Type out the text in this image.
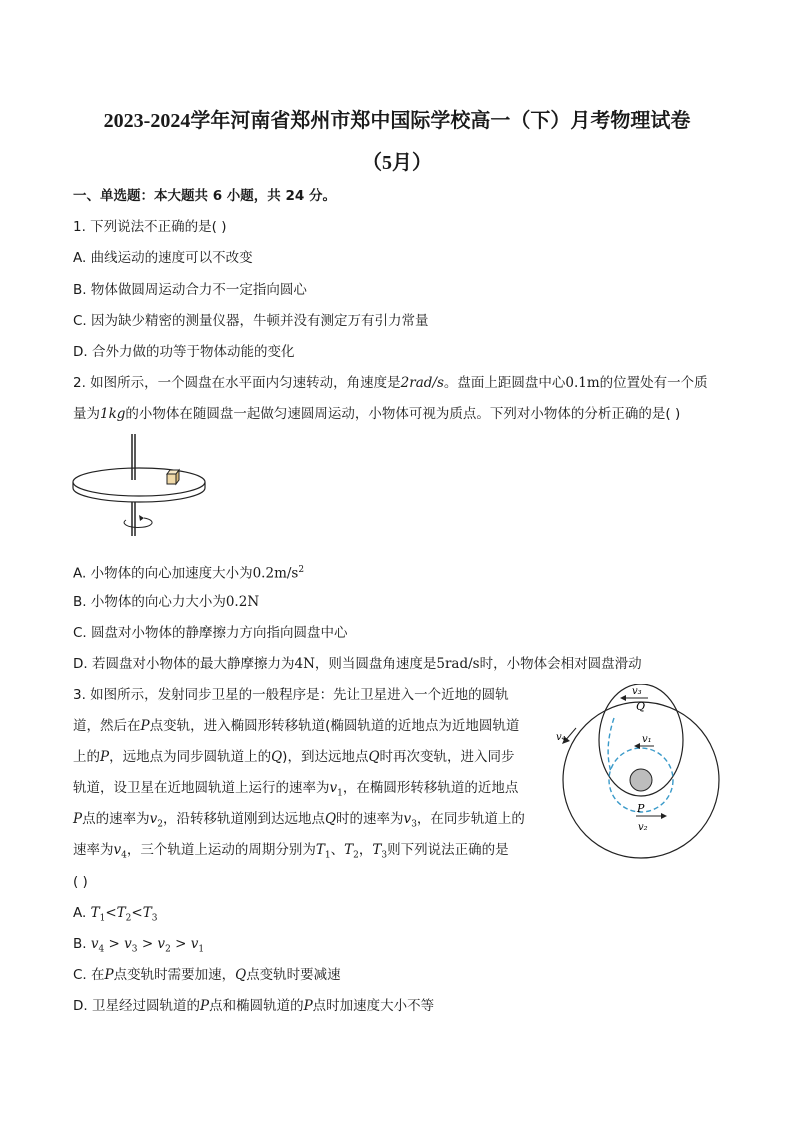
2023-2024学年河南省郑州市郑中国际学校高一（下）月考物理试卷
（5月）
一、单选题：本大题共 6 小题，共 24 分。
1. 下列说法不正确的是( )
A. 曲线运动的速度可以不改变
B. 物体做圆周运动合力不一定指向圆心
C. 因为缺少精密的测量仪器，牛顿并没有测定万有引力常量
D. 合外力做的功等于物体动能的变化
2. 如图所示，一个圆盘在水平面内匀速转动，角速度是2rad/s。盘面上距圆盘中心0.1m的位置处有一个质
量为1kg的小物体在随圆盘一起做匀速圆周运动，小物体可视为质点。下列对小物体的分析正确的是( )
A. 小物体的向心加速度大小为$0.2m/s^2$
B. 小物体的向心力大小为0.2N
C. 圆盘对小物体的静摩擦力方向指向圆盘中心
D. 若圆盘对小物体的最大静摩擦力为4N，则当圆盘角速度是5rad/s时，小物体会相对圆盘滑动
3. 如图所示，发射同步卫星的一般程序是：先让卫星进入一个近地的圆轨
道，然后在P点变轨，进入椭圆形转移轨道(椭圆轨道的近地点为近地圆轨道
上的P，远地点为同步圆轨道上的Q)，到达远地点Q时再次变轨，进入同步
轨道，设卫星在近地圆轨道上运行的速率为$v_1$，在椭圆形转移轨道的近地点
P点的速率为$v_2$，沿转移轨道刚到达远地点Q时的速率为$v_3$，在同步轨道上的
速率为$v_4$，三个轨道上运动的周期分别为$T_1$、$T_2$，$T_3$则下列说法正确的是
( )
A. $T_1<T_2<T_3$
B. $v_4 > v_3 > v_2 > v_1$
C. 在P点变轨时需要加速，Q点变轨时要减速
D. 卫星经过圆轨道的P点和椭圆轨道的P点时加速度大小不等
v₃
Q
v₄	v₁
P
v₂
